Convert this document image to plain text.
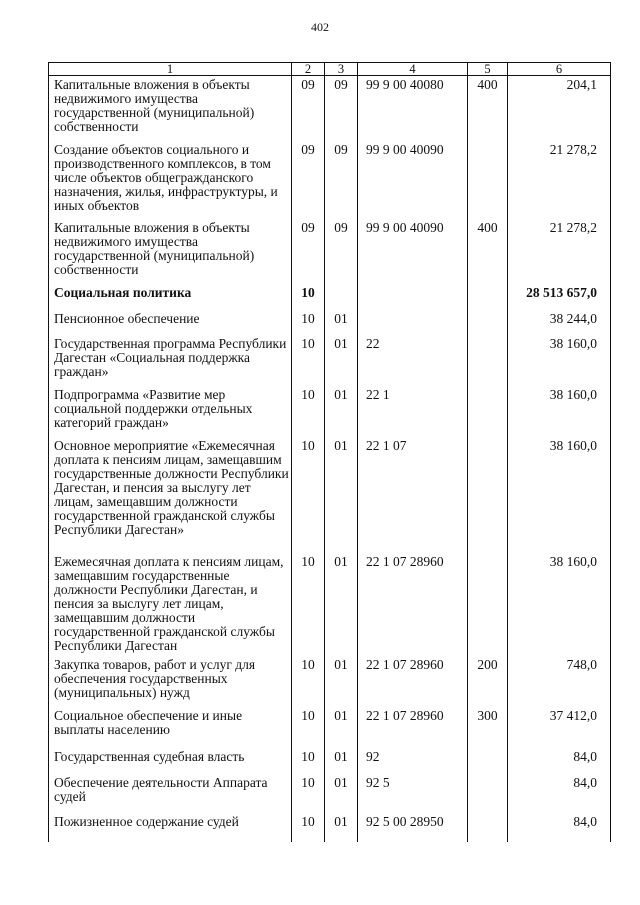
402
1	2	3	4	5	6
Капитальные вложения в объекты недвижимого имущества государственной (муниципальной) собственности	09	09	99 9 00 40080	400	204,1
Создание объектов социального и производственного комплексов, в том числе объектов общегражданского назначения, жилья, инфраструктуры, и иных объектов	09	09	99 9 00 40090		21 278,2
Капитальные вложения в объекты недвижимого имущества государственной (муниципальной) собственности	09	09	99 9 00 40090	400	21 278,2
Социальная политика	10				28 513 657,0
Пенсионное обеспечение	10	01			38 244,0
Государственная программа Республики Дагестан «Социальная поддержка граждан»	10	01	22		38 160,0
Подпрограмма «Развитие мер социальной поддержки отдельных категорий граждан»	10	01	22 1		38 160,0
Основное мероприятие «Ежемесячная доплата к пенсиям лицам, замещавшим государственные должности Республики Дагестан, и пенсия за выслугу лет лицам, замещавшим должности государственной гражданской службы Республики Дагестан»	10	01	22 1 07		38 160,0
Ежемесячная доплата к пенсиям лицам, замещавшим государственные должности Республики Дагестан, и пенсия за выслугу лет лицам, замещавшим должности государственной гражданской службы Республики Дагестан	10	01	22 1 07 28960		38 160,0
Закупка товаров, работ и услуг для обеспечения государственных (муниципальных) нужд	10	01	22 1 07 28960	200	748,0
Социальное обеспечение и иные выплаты населению	10	01	22 1 07 28960	300	37 412,0
Государственная судебная власть	10	01	92		84,0
Обеспечение деятельности Аппарата судей	10	01	92 5		84,0
Пожизненное содержание судей	10	01	92 5 00 28950		84,0
